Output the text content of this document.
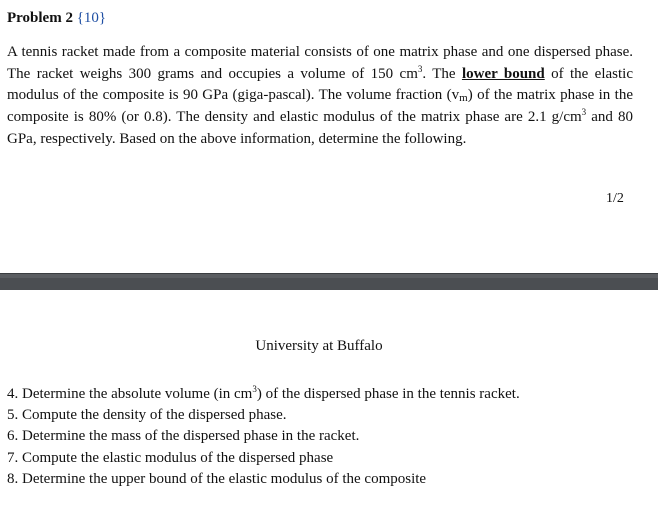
Problem 2 {10}
A tennis racket made from a composite material consists of one matrix phase and one dispersed phase. The racket weighs 300 grams and occupies a volume of 150 $cm^3$. The lower bound of the elastic modulus of the composite is 90 GPa (giga-pascal). The volume fraction $(v_m)$ of the matrix phase in the composite is 80% (or 0.8). The density and elastic modulus of the matrix phase are 2.1 $g/cm^3$ and 80 GPa, respectively. Based on the above information, determine the following.
1/2
University at Buffalo
4. Determine the absolute volume (in $cm^3$) of the dispersed phase in the tennis racket.
5. Compute the density of the dispersed phase.
6. Determine the mass of the dispersed phase in the racket.
7. Compute the elastic modulus of the dispersed phase
8. Determine the upper bound of the elastic modulus of the composite
